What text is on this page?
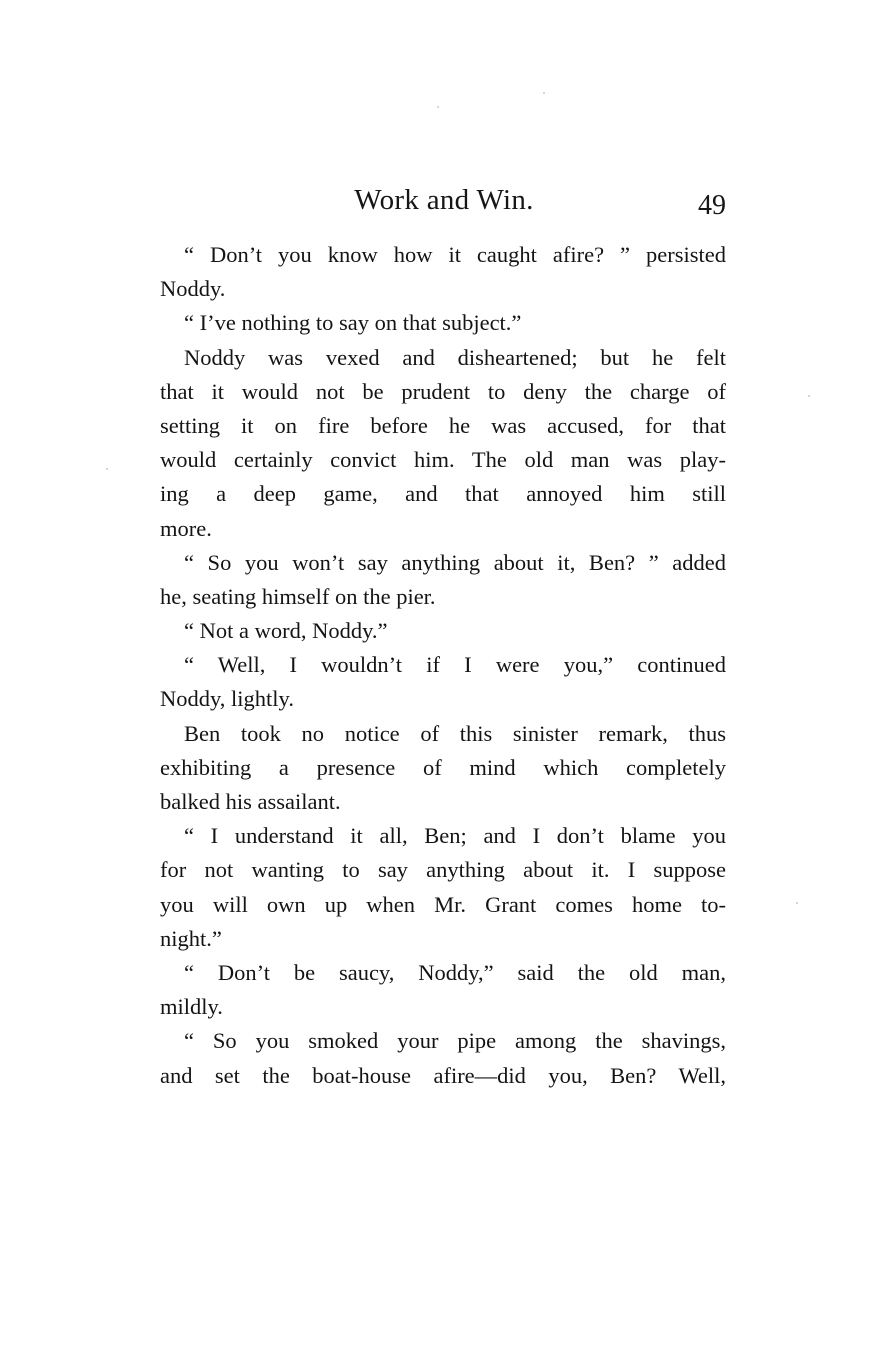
Work and Win.	49
“ Don’t you know how it caught afire? ” persisted
Noddy.
“ I’ve nothing to say on that subject.”
Noddy was vexed and disheartened; but he felt
that it would not be prudent to deny the charge of
setting it on fire before he was accused, for that
would certainly convict him. The old man was play-
ing a deep game, and that annoyed him still
more.
“ So you won’t say anything about it, Ben? ” added
he, seating himself on the pier.
“ Not a word, Noddy.”
“ Well, I wouldn’t if I were you,” continued
Noddy, lightly.
Ben took no notice of this sinister remark, thus
exhibiting a presence of mind which completely
balked his assailant.
“ I understand it all, Ben; and I don’t blame you
for not wanting to say anything about it. I suppose
you will own up when Mr. Grant comes home to-
night.”
“ Don’t be saucy, Noddy,” said the old man,
mildly.
“ So you smoked your pipe among the shavings,
and set the boat-house afire—did you, Ben? Well,
